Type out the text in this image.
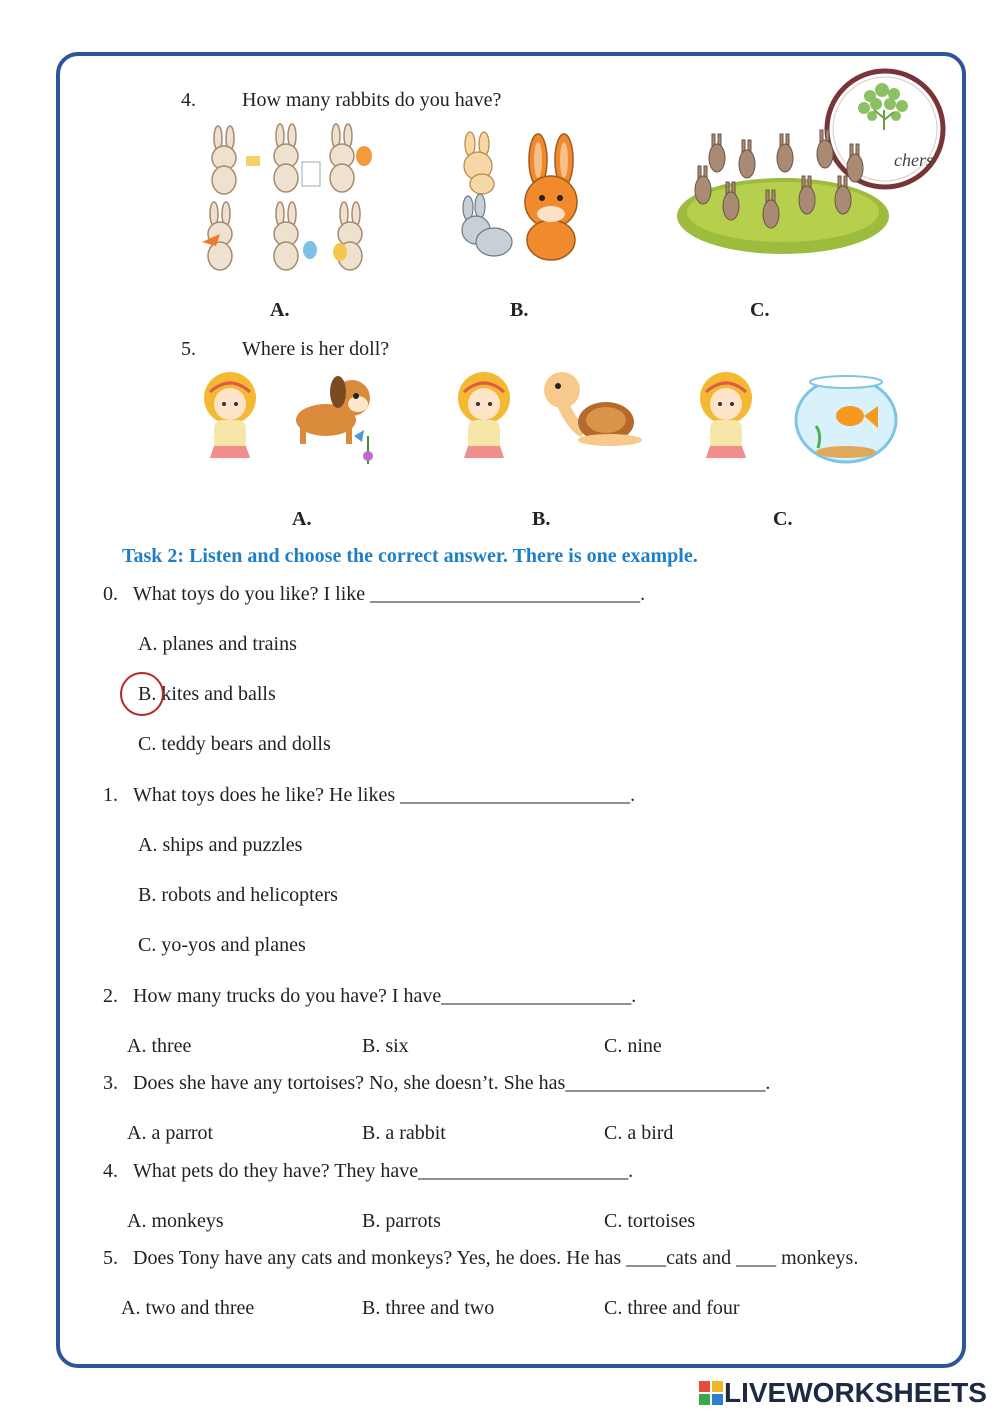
chers
4. How many rabbits do you have?
A.	B.	C.
5. Where is her doll?
A.	B.	C.
Task 2: Listen and choose the correct answer. There is one example.
0. What toys do you like? I like ___________________________.
A. planes and trains
B. kites and balls
C. teddy bears and dolls
1. What toys does he like? He likes _______________________.
A. ships and puzzles
B. robots and helicopters
C. yo-yos and planes
2. How many trucks do you have? I have___________________.
A. three	B. six	C. nine
3. Does she have any tortoises? No, she doesn’t. She has____________________.
A. a parrot	B. a rabbit	C. a bird
4. What pets do they have? They have_____________________.
A. monkeys	B. parrots	C. tortoises
5. Does Tony have any cats and monkeys? Yes, he does. He has ____cats and ____ monkeys.
A. two and three	B. three and two	C. three and four
LIVEWORKSHEETS
